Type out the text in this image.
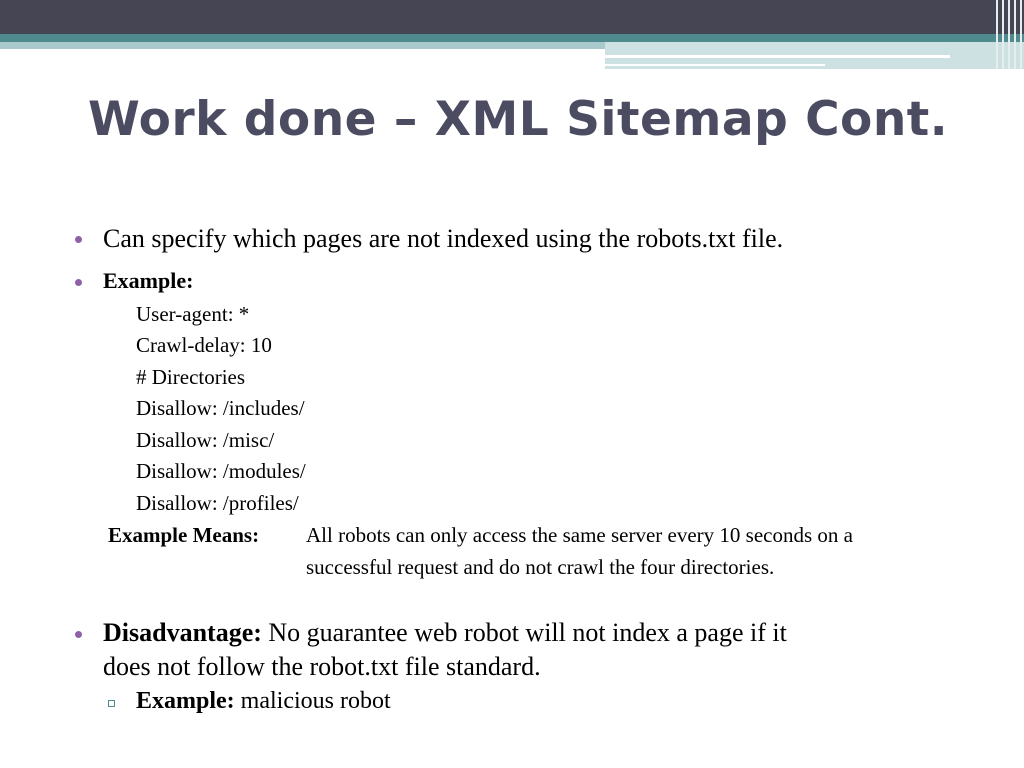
Work done – XML Sitemap Cont.
Can specify which pages are not indexed using the robots.txt file.
Example:
User-agent: *
Crawl-delay: 10
# Directories
Disallow: /includes/
Disallow: /misc/
Disallow: /modules/
Disallow: /profiles/
Example Means: All robots can only access the same server every 10 seconds on a
successful request and do not crawl the four directories.
Disadvantage: No guarantee web robot will not index a page if it
does not follow the robot.txt file standard.
Example: malicious robot
